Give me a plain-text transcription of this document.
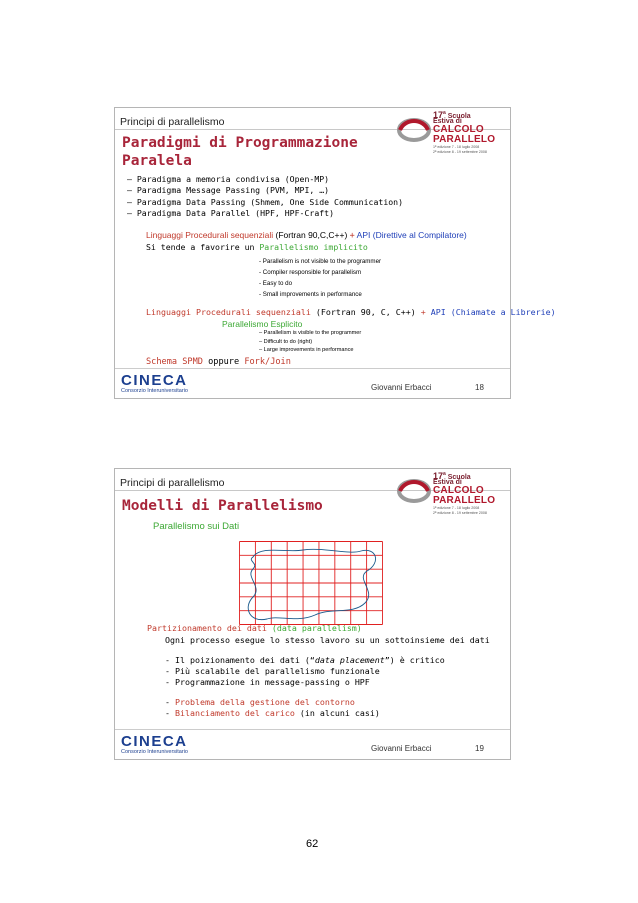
Principi di parallelismo
17$^a$ Scuola
Estiva di
CALCOLO
PARALLELO
1ª edizione 7 - 18 luglio 2008
2ª edizione 8 - 19 settembre 2008
Paradigmi di Programmazione
Paralela
– Paradigma a memoria condivisa (Open-MP)
– Paradigma Message Passing (PVM, MPI, …)
– Paradigma Data Passing (Shmem, One Side Communication)
– Paradigma Data Parallel (HPF, HPF-Craft)
Linguaggi Procedurali sequenziali (Fortran 90,C,C++) + API (Direttive al Compilatore)
Si tende a favorire un Parallelismo implicito
- Parallelism is not visible to the programmer
- Compiler responsible for parallelism
- Easy to do
- Small improvements in performance
Linguaggi Procedurali sequenziali (Fortran 90, C, C++) + API (Chiamate a Librerie)
Parallelismo Esplicito
– Parallelism is visible to the programmer
– Difficult to do (right)
– Large improvements in performance
Schema SPMD oppure Fork/Join
CINECA
Consorzio Interuniversitario	Giovanni Erbacci	18
Principi di parallelismo
17$^a$ Scuola
Estiva di
CALCOLO
PARALLELO
1ª edizione 7 - 18 luglio 2008
2ª edizione 8 - 19 settembre 2008
Modelli di Parallelismo
Parallelismo sui Dati
Partizionamento dei dati (data parallelism)
Ogni processo esegue lo stesso lavoro su un sottoinsieme dei dati
- Il poizionamento dei dati (“data placement”) è critico
- Più scalabile del parallelismo funzionale
- Programmazione in message-passing o HPF
- Problema della gestione del contorno
- Bilanciamento del carico (in alcuni casi)
CINECA
Consorzio Interuniversitario	Giovanni Erbacci	19
62
